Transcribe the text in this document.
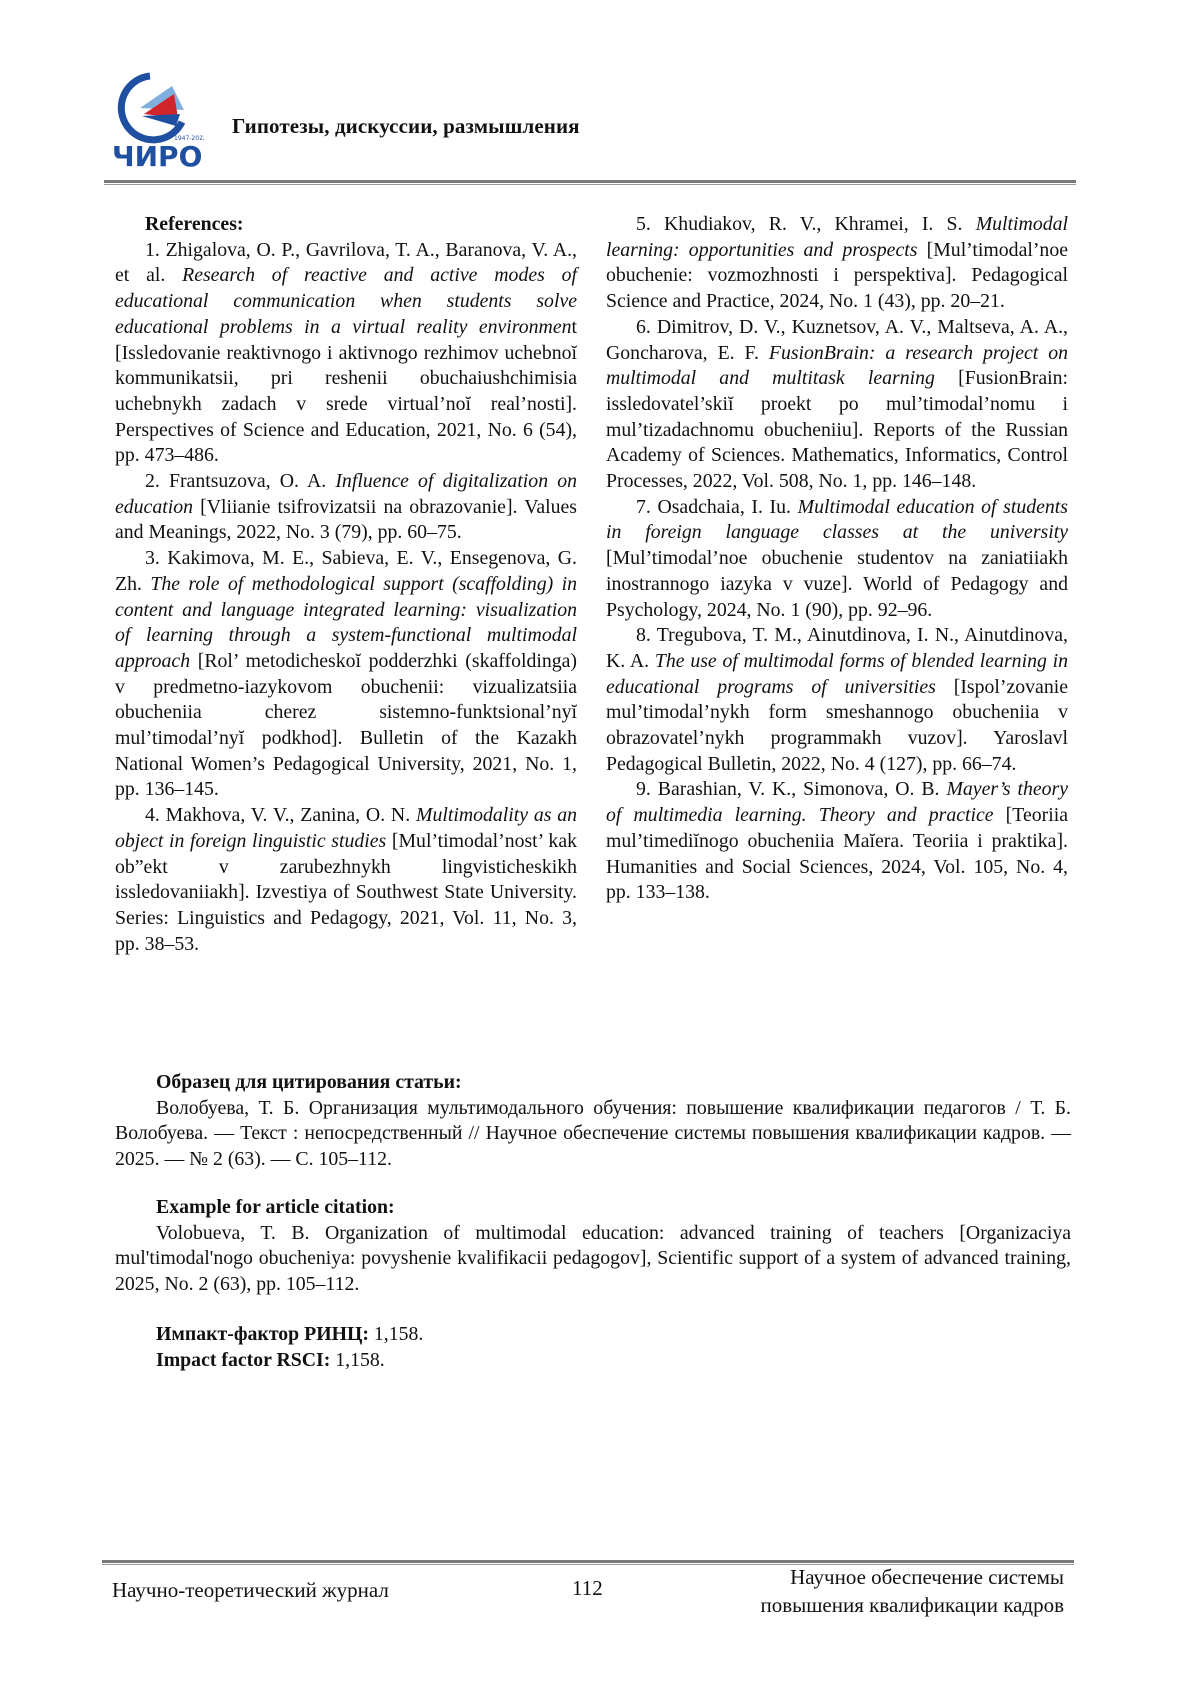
1947-2022
ЧИРО
Гипотезы, дискуссии, размышления

References:

1. Zhigalova, O. P., Gavrilova, T. A., Bara­nova, V. A., et al. Research of reactive and active modes of educational communication when students solve educational problems in a virtual reality envi­ronment [Issledovanie reaktivnogo i aktivnogo rezhimov uchebnoĭ kommunikatsii, pri reshenii obuchaiushchimisia uchebnykh zadach v srede virtu­al’noĭ real’nosti]. Perspectives of Science and Educa­tion, 2021, No. 6 (54), pp. 473–486.

2. Frantsuzova, O. A. Influence of digitalization on education [Vliianie tsifrovizatsii na obra­zovanie]. Values and Meanings, 2022, No. 3 (79), pp. 60–75.

3. Kakimova, M. E., Sabieva, E. V., Ensegeno­va, G. Zh. The role of methodological support (scaffolding) in content and language integrated learning: visualization of learning through a sys­tem-functional multimodal approach [Rol’ metodicheskoĭ podderzhki (skaffoldinga) v pred­metno-iazykovom obuchenii: vizualizatsiia obucheniia cherez sistemno-funktsional’nyĭ mul’timodal’nyĭ podkhod]. Bulletin of the Kazakh National Women’s Pedagogical University, 2021, No. 1, pp. 136–145.

4. Makhova, V. V., Zanina, O. N. Multimodali­ty as an object in foreign linguistic studies [Mul’timodal’nost’ kak ob”ekt v zarubezhnykh lingvisticheskikh issledovaniiakh]. Izvestiya of Southwest State University. Series: Linguistics and Pedagogy, 2021, Vol. 11, No. 3, pp. 38–53.

5. Khudiakov, R. V., Khramei, I. S. Multimodal learning: opportunities and prospects [Mul’timodal’noe obuchenie: vozmozhnosti i per­spektiva]. Pedagogical Science and Practice, 2024, No. 1 (43), pp. 20–21.

6. Dimitrov, D. V., Kuznetsov, A. V., Malt­seva, A. A., Goncharova, E. F. FusionBrain: a research project on multimodal and multitask learning [FusionBrain: issledovatel’skiĭ proekt po mul’timodal’nomu i mul’tizadachnomu obuche­niiu]. Reports of the Russian Academy of Scienc­es. Mathematics, Informatics, Control Processes, 2022, Vol. 508, No. 1, pp. 146–148.

7. Osadchaia, I. Iu. Multimodal education of students in foreign language classes at the univer­sity [Mul’timodal’noe obuchenie studentov na za­niatiiakh inostrannogo iazyka v vuze]. World of Pedagogy and Psychology, 2024, No. 1 (90), pp. 92–96.

8. Tregubova, T. M., Ainutdinova, I. N., Ai­nutdinova, K. A. The use of multimodal forms of blended learning in educational programs of uni­versities [Ispol’zovanie mul’timodal’nykh form smeshannogo obucheniia v obrazovatel’nykh pro­grammakh vuzov]. Yaroslavl Pedagogical Bulletin, 2022, No. 4 (127), pp. 66–74.

9. Barashian, V. K., Simonova, O. B. Mayer’s theory of multimedia learning. Theory and practice [Teoriia mul’timediĭnogo obucheniia Maĭera. Te­oriia i praktika]. Humanities and Social Sciences, 2024, Vol. 105, No. 4, pp. 133–138.

Образец для цитирования статьи:

Волобуева, Т. Б. Организация мультимодального обучения: повышение квалификации педаго­гов / Т. Б. Волобуева. — Текст : непосредственный // Научное обеспечение системы повышения квалификации кадров. — 2025. — № 2 (63). — С. 105–112.

Example for article citation:

Volobueva, T. B. Organization of multimodal education: advanced training of teachers [Organizaciya mul'timodal'nogo obucheniya: povyshenie kvalifikacii pedagogov], Scientific support of a system of advanced training, 2025, No. 2 (63), pp. 105–112.

Импакт-фактор РИНЦ: 1,158.
Impact factor RSCI: 1,158.
Научно-теоретический журнал	112	Научное обеспечение системы
повышения квалификации кадров
